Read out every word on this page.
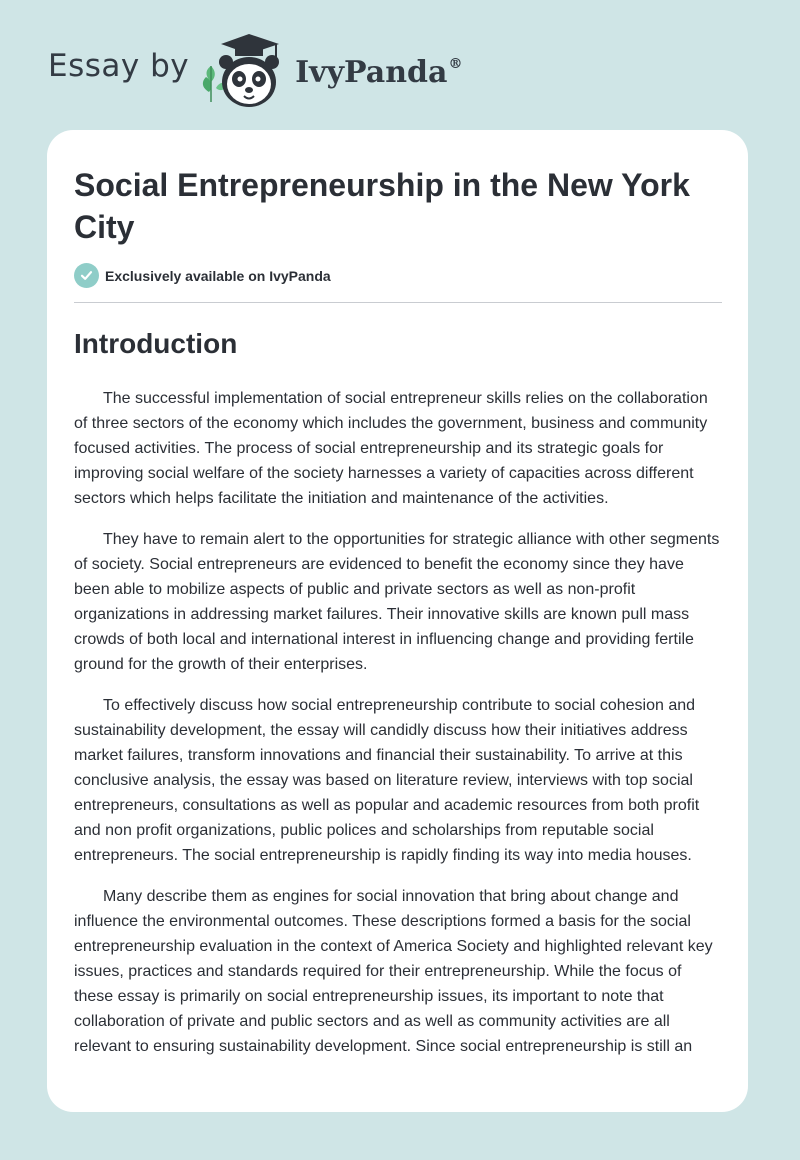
Essay by	IvyPanda®
Social Entrepreneurship in the New York City
Exclusively available on IvyPanda
Introduction

The successful implementation of social entrepreneur skills relies on the collaboration of three sectors of the economy which includes the government, business and community focused activities. The process of social entrepreneurship and its strategic goals for improving social welfare of the society harnesses a variety of capacities across different sectors which helps facilitate the initiation and maintenance of the activities.

They have to remain alert to the opportunities for strategic alliance with other segments of society. Social entrepreneurs are evidenced to benefit the economy since they have been able to mobilize aspects of public and private sectors as well as non-profit organizations in addressing market failures. Their innovative skills are known pull mass crowds of both local and international interest in influencing change and providing fertile ground for the growth of their enterprises.

To effectively discuss how social entrepreneurship contribute to social cohesion and sustainability development, the essay will candidly discuss how their initiatives address market failures, transform innovations and financial their sustainability. To arrive at this conclusive analysis, the essay was based on literature review, interviews with top social entrepreneurs, consultations as well as popular and academic resources from both profit and non profit organizations, public polices and scholarships from reputable social entrepreneurs. The social entrepreneurship is rapidly finding its way into media houses.

Many describe them as engines for social innovation that bring about change and influence the environmental outcomes. These descriptions formed a basis for the social entrepreneurship evaluation in the context of America Society and highlighted relevant key issues, practices and standards required for their entrepreneurship. While the focus of these essay is primarily on social entrepreneurship issues, its important to note that collaboration of private and public sectors and as well as community activities are all relevant to ensuring sustainability development. Since social entrepreneurship is still an
